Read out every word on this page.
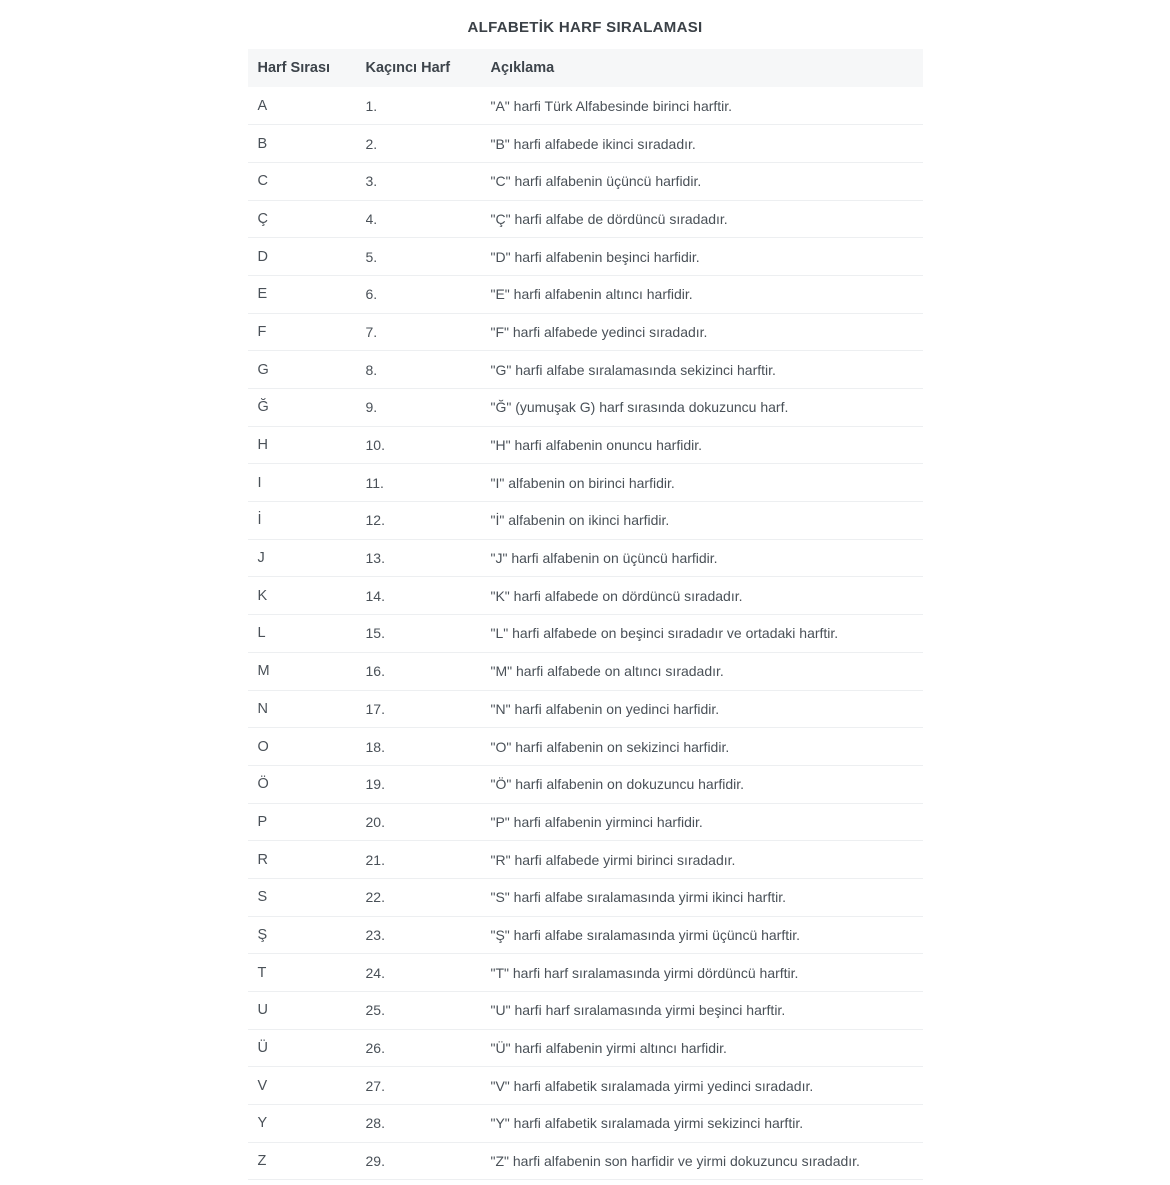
ALFABETİK HARF SIRALAMASI
Harf Sırası	Kaçıncı Harf	Açıklama
A	1.	"A" harfi Türk Alfabesinde birinci harftir.
B	2.	"B" harfi alfabede ikinci sıradadır.
C	3.	"C" harfi alfabenin üçüncü harfidir.
Ç	4.	"Ç" harfi alfabe de dördüncü sıradadır.
D	5.	"D" harfi alfabenin beşinci harfidir.
E	6.	"E" harfi alfabenin altıncı harfidir.
F	7.	"F" harfi alfabede yedinci sıradadır.
G	8.	"G" harfi alfabe sıralamasında sekizinci harftir.
Ğ	9.	"Ğ" (yumuşak G) harf sırasında dokuzuncu harf.
H	10.	"H" harfi alfabenin onuncu harfidir.
I	11.	"I" alfabenin on birinci harfidir.
İ	12.	"İ" alfabenin on ikinci harfidir.
J	13.	"J" harfi alfabenin on üçüncü harfidir.
K	14.	"K" harfi alfabede on dördüncü sıradadır.
L	15.	"L" harfi alfabede on beşinci sıradadır ve ortadaki harftir.
M	16.	"M" harfi alfabede on altıncı sıradadır.
N	17.	"N" harfi alfabenin on yedinci harfidir.
O	18.	"O" harfi alfabenin on sekizinci harfidir.
Ö	19.	"Ö" harfi alfabenin on dokuzuncu harfidir.
P	20.	"P" harfi alfabenin yirminci harfidir.
R	21.	"R" harfi alfabede yirmi birinci sıradadır.
S	22.	"S" harfi alfabe sıralamasında yirmi ikinci harftir.
Ş	23.	"Ş" harfi alfabe sıralamasında yirmi üçüncü harftir.
T	24.	"T" harfi harf sıralamasında yirmi dördüncü harftir.
U	25.	"U" harfi harf sıralamasında yirmi beşinci harftir.
Ü	26.	"Ü" harfi alfabenin yirmi altıncı harfidir.
V	27.	"V" harfi alfabetik sıralamada yirmi yedinci sıradadır.
Y	28.	"Y" harfi alfabetik sıralamada yirmi sekizinci harftir.
Z	29.	"Z" harfi alfabenin son harfidir ve yirmi dokuzuncu sıradadır.
